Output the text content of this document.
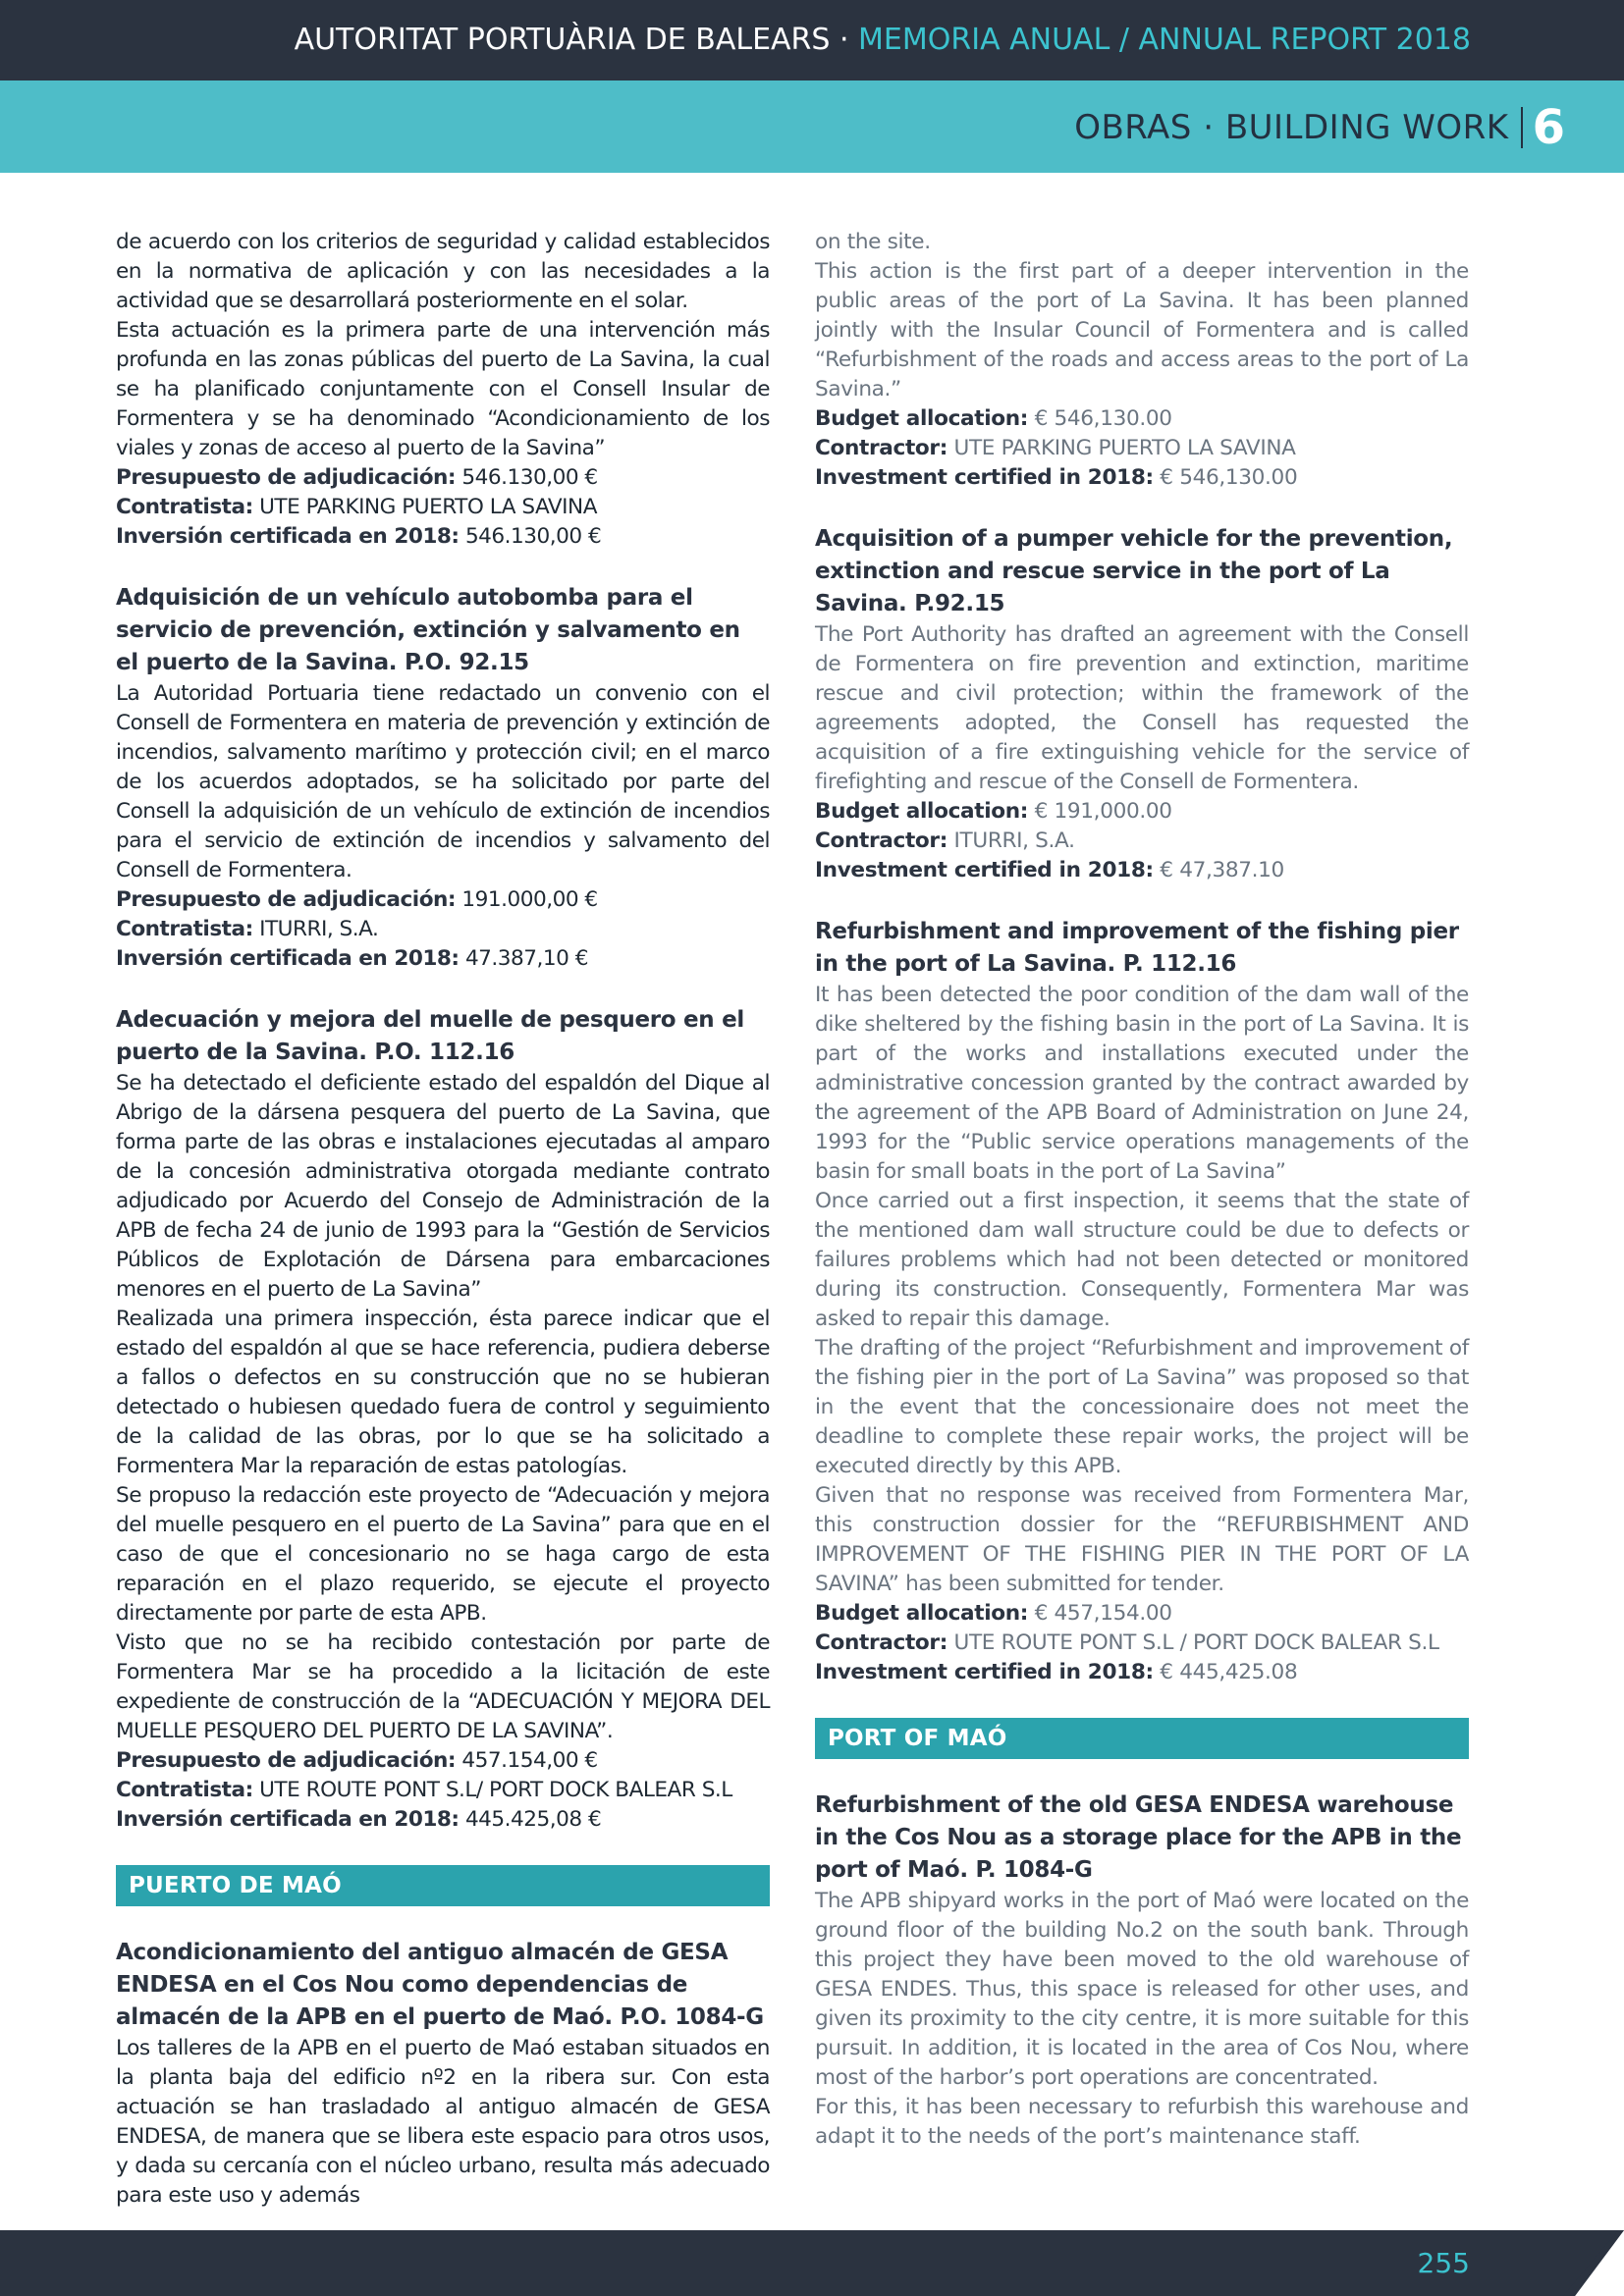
AUTORITAT PORTUÀRIA DE BALEARS · MEMORIA ANUAL / ANNUAL REPORT 2018
OBRAS · BUILDING WORK 6

de acuerdo con los criterios de seguridad y calidad establecidos en la normativa de aplicación y con las necesidades a la actividad que se desarrollará posteriormente en el solar.

Esta actuación es la primera parte de una intervención más profunda en las zonas públicas del puerto de La Savina, la cual se ha planificado conjuntamente con el Consell Insular de Formentera y se ha denominado “Acondicionamiento de los viales y zonas de acceso al puerto de la Savina”

Presupuesto de adjudicación: 546.130,00 €

Contratista: UTE PARKING PUERTO LA SAVINA

Inversión certificada en 2018: 546.130,00 €

Adquisición de un vehículo autobomba para el servicio de prevención, extinción y salvamento en el puerto de la Savina. P.O. 92.15

La Autoridad Portuaria tiene redactado un convenio con el Consell de Formentera en materia de prevención y extinción de incendios, salvamento marítimo y protección civil; en el marco de los acuerdos adoptados, se ha solicitado por parte del Consell la adquisición de un vehículo de extinción de incendios para el servicio de extinción de incendios y salvamento del Consell de Formentera.

Presupuesto de adjudicación: 191.000,00 €

Contratista: ITURRI, S.A.

Inversión certificada en 2018: 47.387,10 €

Adecuación y mejora del muelle de pesquero en el puerto de la Savina. P.O. 112.16

Se ha detectado el deficiente estado del espaldón del Dique al Abrigo de la dársena pesquera del puerto de La Savina, que forma parte de las obras e instalaciones ejecutadas al amparo de la concesión administrativa otorgada mediante contrato adjudicado por Acuerdo del Consejo de Administración de la APB de fecha 24 de junio de 1993 para la “Gestión de Servicios Públicos de Explotación de Dársena para embarcaciones menores en el puerto de La Savina”

Realizada una primera inspección, ésta parece indicar que el estado del espaldón al que se hace referencia, pudiera deberse a fallos o defectos en su construcción que no se hubieran detectado o hubiesen quedado fuera de control y seguimiento de la calidad de las obras, por lo que se ha solicitado a Formentera Mar la reparación de estas patologías.

Se propuso la redacción este proyecto de “Adecuación y mejora del muelle pesquero en el puerto de La Savina” para que en el caso de que el concesionario no se haga cargo de esta reparación en el plazo requerido, se ejecute el proyecto directamente por parte de esta APB.

Visto que no se ha recibido contestación por parte de Formentera Mar se ha procedido a la licitación de este expediente de construcción de la “ADECUACIÓN Y MEJORA DEL MUELLE PESQUERO DEL PUERTO DE LA SAVINA”.

Presupuesto de adjudicación: 457.154,00 €

Contratista: UTE ROUTE PONT S.L/ PORT DOCK BALEAR S.L

Inversión certificada en 2018: 445.425,08 €

PUERTO DE MAÓ
Acondicionamiento del antiguo almacén de GESA ENDESA en el Cos Nou como dependencias de almacén de la APB en el puerto de Maó. P.O. 1084-G

Los talleres de la APB en el puerto de Maó estaban situados en la planta baja del edificio nº2 en la ribera sur. Con esta actuación se han trasladado al antiguo almacén de GESA ENDESA, de manera que se libera este espacio para otros usos, y dada su cercanía con el núcleo urbano, resulta más adecuado para este uso y además

on the site.

This action is the first part of a deeper intervention in the public areas of the port of La Savina. It has been planned jointly with the Insular Council of Formentera and is called “Refurbishment of the roads and access areas to the port of La Savina.”

Budget allocation: € 546,130.00

Contractor: UTE PARKING PUERTO LA SAVINA

Investment certified in 2018: € 546,130.00

Acquisition of a pumper vehicle for the prevention, extinction and rescue service in the port of La Savina. P.92.15

The Port Authority has drafted an agreement with the Consell de Formentera on fire prevention and extinction, maritime rescue and civil protection; within the framework of the agreements adopted, the Consell has requested the acquisition of a fire extinguishing vehicle for the service of firefighting and rescue of the Consell de Formentera.

Budget allocation: € 191,000.00

Contractor: ITURRI, S.A.

Investment certified in 2018: € 47,387.10

Refurbishment and improvement of the fishing pier in the port of La Savina. P. 112.16

It has been detected the poor condition of the dam wall of the dike sheltered by the fishing basin in the port of La Savina. It is part of the works and installations executed under the administrative concession granted by the contract awarded by the agreement of the APB Board of Administration on June 24, 1993 for the “Public service operations managements of the basin for small boats in the port of La Savina”

Once carried out a first inspection, it seems that the state of the mentioned dam wall structure could be due to defects or failures problems which had not been detected or monitored during its construction. Consequently, Formentera Mar was asked to repair this damage.

The drafting of the project “Refurbishment and improvement of the fishing pier in the port of La Savina” was proposed so that in the event that the concessionaire does not meet the deadline to complete these repair works, the project will be executed directly by this APB.

Given that no response was received from Formentera Mar, this construction dossier for the “REFURBISHMENT AND IMPROVEMENT OF THE FISHING PIER IN THE PORT OF LA SAVINA” has been submitted for tender.

Budget allocation: € 457,154.00

Contractor: UTE ROUTE PONT S.L / PORT DOCK BALEAR S.L

Investment certified in 2018: € 445,425.08

PORT OF MAÓ
Refurbishment of the old GESA ENDESA warehouse in the Cos Nou as a storage place for the APB in the port of Maó. P. 1084-G

The APB shipyard works in the port of Maó were located on the ground floor of the building No.2 on the south bank. Through this project they have been moved to the old warehouse of GESA ENDES. Thus, this space is released for other uses, and given its proximity to the city centre, it is more suitable for this pursuit. In addition, it is located in the area of Cos Nou, where most of the harbor’s port operations are concentrated.

For this, it has been necessary to refurbish this warehouse and adapt it to the needs of the port’s maintenance staff.

255
